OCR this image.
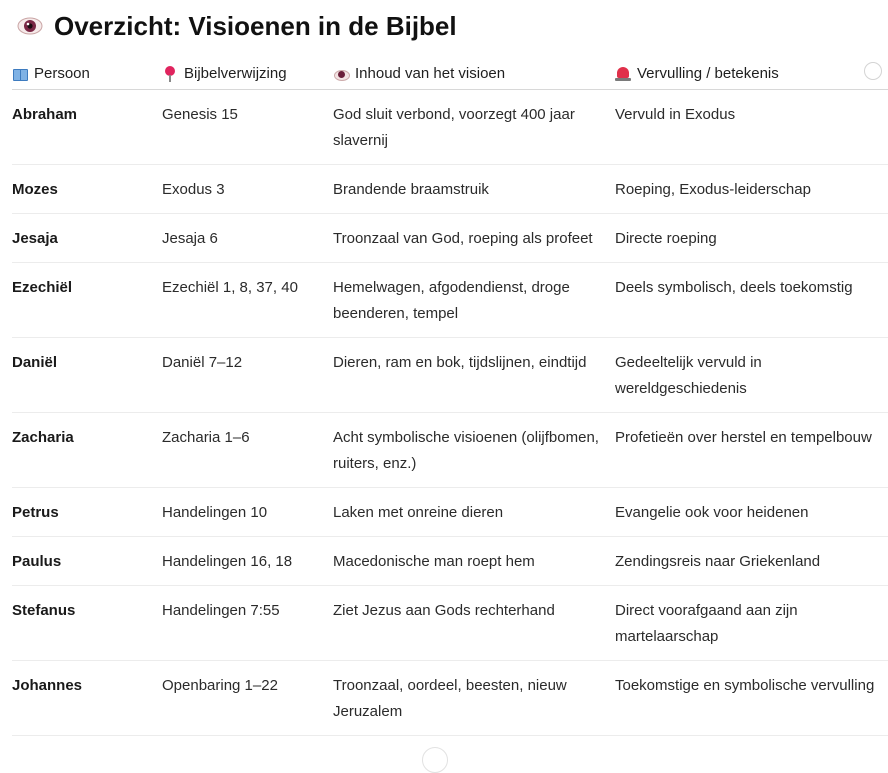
Overzicht: Visioenen in de Bijbel
Persoon	Bijbelverwijzing	Inhoud van het visioen	Vervulling / betekenis

Abraham	Genesis 15	God sluit verbond, voorzegt 400 jaar slavernij	Vervuld in Exodus
Mozes	Exodus 3	Brandende braamstruik	Roeping, Exodus-leiderschap
Jesaja	Jesaja 6	Troonzaal van God, roeping als profeet	Directe roeping
Ezechiël	Ezechiël 1, 8, 37, 40	Hemelwagen, afgodendienst, droge beenderen, tempel	Deels symbolisch, deels toekomstig
Daniël	Daniël 7–12	Dieren, ram en bok, tijdslijnen, eindtijd	Gedeeltelijk vervuld in wereldgeschiedenis
Zacharia	Zacharia 1–6	Acht symbolische visioenen (olijfbomen, ruiters, enz.)	Profetieën over herstel en tempelbouw
Petrus	Handelingen 10	Laken met onreine dieren	Evangelie ook voor heidenen
Paulus	Handelingen 16, 18	Macedonische man roept hem	Zendingsreis naar Griekenland
Stefanus	Handelingen 7:55	Ziet Jezus aan Gods rechterhand	Direct voorafgaand aan zijn martelaarschap
Johannes	Openbaring 1–22	Troonzaal, oordeel, beesten, nieuw Jeruzalem	Toekomstige en symbolische vervulling
